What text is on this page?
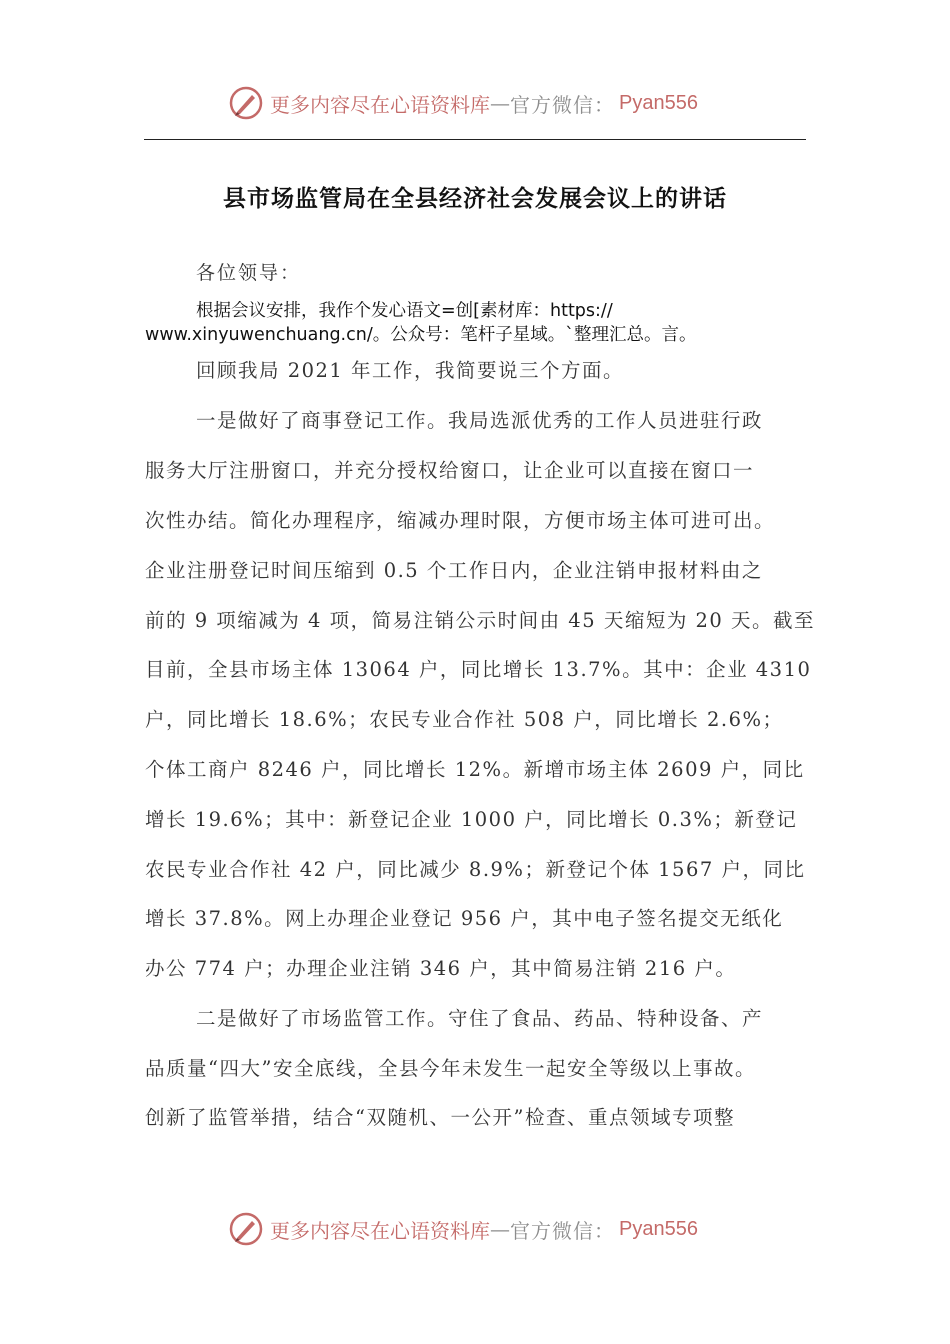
更多内容尽在心语资料库 — 官方微信： Pyan556
县市场监管局在全县经济社会发展会议上的讲话
各位领导：
根据会议安排，我作个发心语文=创[素材库：https://
www.xinyuwenchuang.cn/。公众号：笔杆子星域。`整理汇总。言。
回顾我局 2021 年工作，我简要说三个方面。
一是做好了商事登记工作。我局选派优秀的工作人员进驻行政
服务大厅注册窗口，并充分授权给窗口，让企业可以直接在窗口一
次性办结。简化办理程序，缩减办理时限，方便市场主体可进可出。
企业注册登记时间压缩到 0.5 个工作日内，企业注销申报材料由之
前的 9 项缩减为 4 项，简易注销公示时间由 45 天缩短为 20 天。截至
目前，全县市场主体 13064 户，同比增长 13.7%。其中：企业 4310
户，同比增长 18.6%；农民专业合作社 508 户，同比增长 2.6%；
个体工商户 8246 户，同比增长 12%。新增市场主体 2609 户，同比
增长 19.6%；其中：新登记企业 1000 户，同比增长 0.3%；新登记
农民专业合作社 42 户，同比减少 8.9%；新登记个体 1567 户，同比
增长 37.8%。网上办理企业登记 956 户，其中电子签名提交无纸化
办公 774 户；办理企业注销 346 户，其中简易注销 216 户。
二是做好了市场监管工作。守住了食品、药品、特种设备、产
品质量“四大”安全底线，全县今年未发生一起安全等级以上事故。
创新了监管举措，结合“双随机、一公开”检查、重点领域专项整
更多内容尽在心语资料库 — 官方微信： Pyan556
